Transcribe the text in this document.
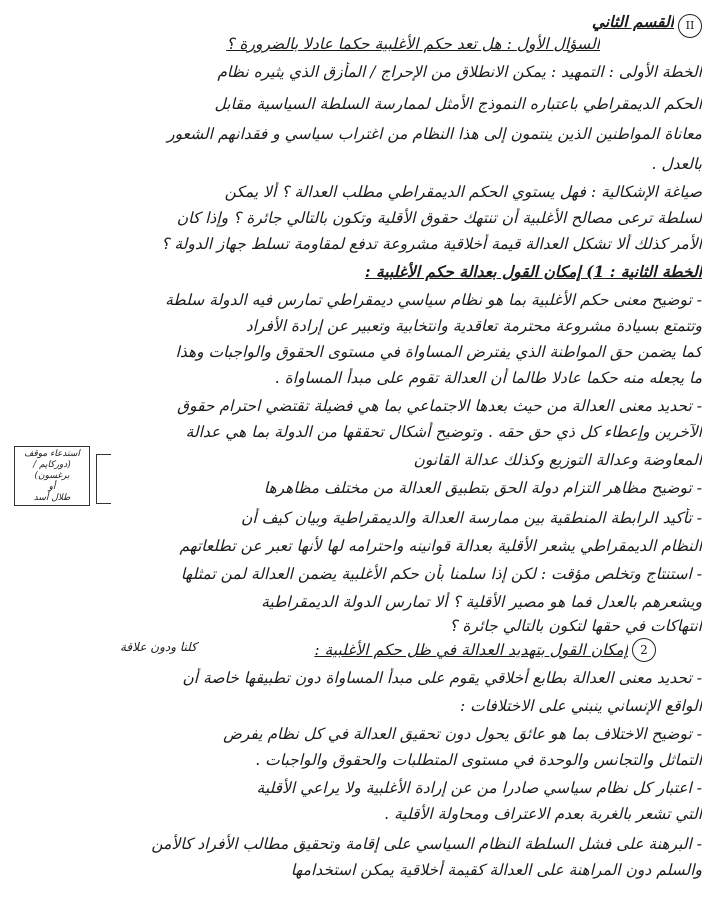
II
القسم الثاني
السؤال الأول : هل تعد حكم الأغلبية حكما عادلا بالضرورة ؟
الخطة الأولى : التمهيد : يمكن الانطلاق من الإحراج / المأزق الذي يثيره نظام
الحكم الديمقراطي باعتباره النموذج الأمثل لممارسة السلطة السياسية مقابل
معاناة المواطنين الذين ينتمون إلى هذا النظام من اغتراب سياسي و فقدانهم الشعور
بالعدل .
صياغة الإشكالية : فهل يستوي الحكم الديمقراطي مطلب العدالة ؟ ألا يمكن
لسلطة ترعى مصالح الأغلبية أن تنتهك حقوق الأقلية وتكون بالتالي جائرة ؟ وإذا كان
الأمر كذلك ألا تشكل العدالة قيمة أخلاقية مشروعة تدفع لمقاومة تسلط جهاز الدولة ؟
الخطة الثانية : 1) إمكان القول بعدالة حكم الأغلبية :
- توضيح معنى حكم الأغلبية بما هو نظام سياسي ديمقراطي تمارس فيه الدولة سلطة
وتتمتع بسيادة مشروعة محترمة تعاقدية وانتخابية وتعبير عن إرادة الأفراد
كما يضمن حق المواطنة الذي يفترض المساواة في مستوى الحقوق والواجبات وهذا
ما يجعله منه حكما عادلا طالما أن العدالة تقوم على مبدأ المساواة .
- تحديد معنى العدالة من حيث بعدها الاجتماعي بما هي فضيلة تقتضي احترام حقوق
الآخرين وإعطاء كل ذي حق حقه . وتوضيح أشكال تحققها من الدولة بما هي عدالة
المعاوضة وعدالة التوزيع وكذلك عدالة القانون
- توضيح مظاهر التزام دولة الحق بتطبيق العدالة من مختلف مظاهرها
- تأكيد الرابطة المنطقية بين ممارسة العدالة والديمقراطية وبيان كيف أن
النظام الديمقراطي يشعر الأقلية بعدالة قوانينه واحترامه لها لأنها تعبر عن تطلعاتهم
- استنتاج وتخلص مؤقت : لكن إذا سلمنا بأن حكم الأغلبية يضمن العدالة لمن تمثلها
ويشعرهم بالعدل فما هو مصير الأقلية ؟ ألا تمارس الدولة الديمقراطية
انتهاكات في حقها لتكون بالتالي جائرة ؟
2
إمكان القول بتهديد العدالة في ظل حكم الأغلبية :
كلنا ودون علاقة
- تحديد معنى العدالة بطابع أخلاقي يقوم على مبدأ المساواة دون تطبيقها خاصة أن
الواقع الإنساني ينبني على الاختلافات :
- توضيح الاختلاف بما هو عائق يحول دون تحقيق العدالة في كل نظام يفرض
التماثل والتجانس والوحدة في مستوى المتطلبات والحقوق والواجبات .
- اعتبار كل نظام سياسي صادرا من عن إرادة الأغلبية ولا يراعي الأقلية
التي تشعر بالغربة بعدم الاعتراف ومحاولة الأقلية .
- البرهنة على فشل السلطة النظام السياسي على إقامة وتحقيق مطالب الأفراد كالأمن
والسلم دون المراهنة على العدالة كقيمة أخلاقية يمكن استخدامها
استدعاء موقف
(دوركايم / برغسون)
أو
طلال أسد
